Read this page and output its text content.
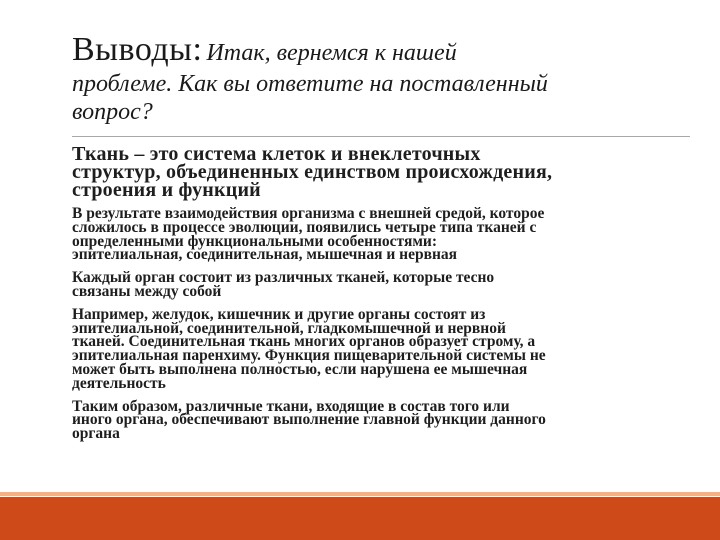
Выводы: Итак, вернемся к нашей
проблеме. Как вы ответите на поставленный
вопрос?
Ткань – это система клеток и внеклеточных
структур, объединенных единством происхождения,
строения и функций
В результате взаимодействия организма с внешней средой, которое
сложилось в процессе эволюции, появились четыре типа тканей с
определенными функциональными особенностями:
эпителиальная, соединительная, мышечная и нервная
Каждый орган состоит из различных тканей, которые тесно
связаны между собой
Например, желудок, кишечник и другие органы состоят из
эпителиальной, соединительной, гладкомышечной и нервной
тканей. Соединительная ткань многих органов образует строму, а
эпителиальная паренхиму. Функция пищеварительной системы не
может быть выполнена полностью, если нарушена ее мышечная
деятельность
Таким образом, различные ткани, входящие в состав того или
иного органа, обеспечивают выполнение главной функции данного
органа
